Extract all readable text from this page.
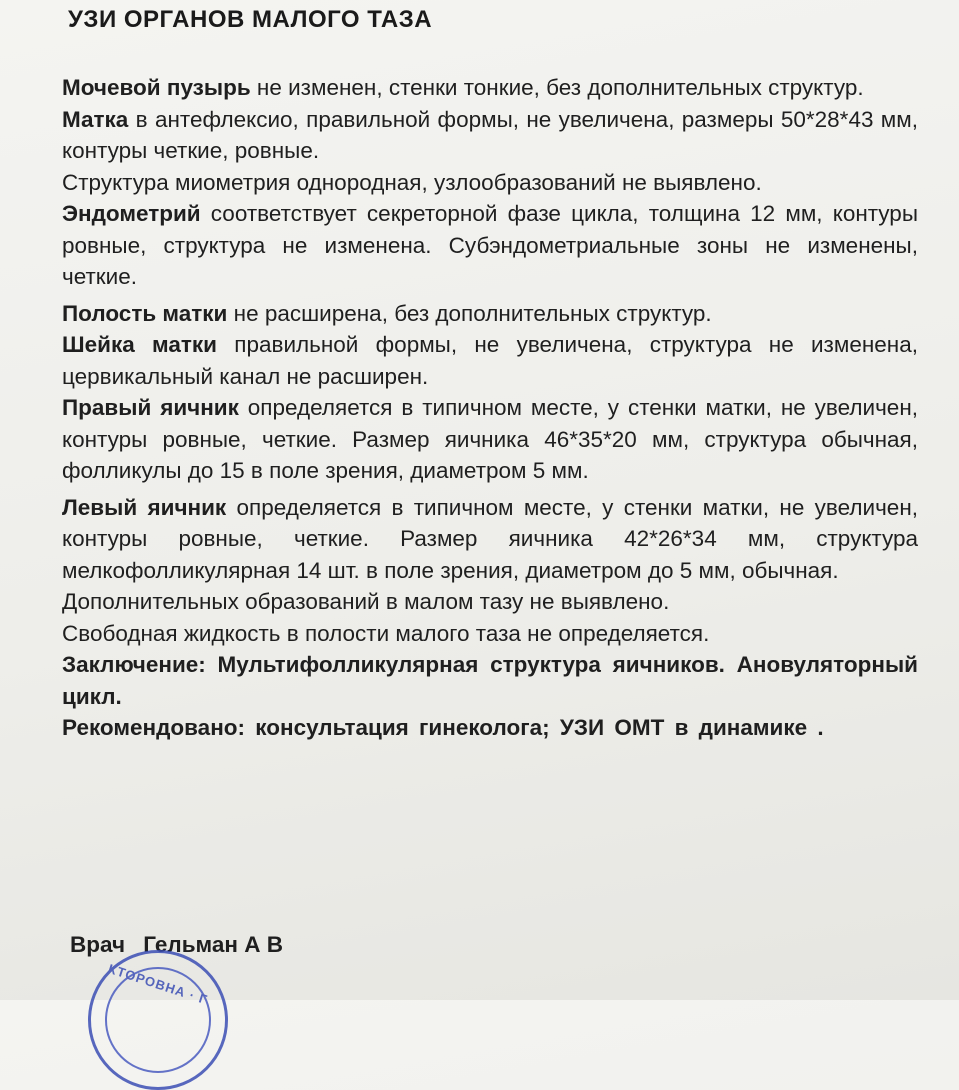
УЗИ ОРГАНОВ МАЛОГО ТАЗА

Мочевой пузырь не изменен, стенки тонкие, без дополнительных структур.

Матка в антефлексио, правильной формы, не увеличена, размеры 50*28*43 мм, контуры четкие, ровные.

Структура миометрия однородная, узлообразований не выявлено.

Эндометрий соответствует секреторной фазе цикла, толщина 12 мм, контуры ровные, структура не изменена. Субэндометриальные зоны не изменены, четкие.

Полость матки не расширена, без дополнительных структур.

Шейка матки правильной формы, не увеличена, структура не изменена, цервикальный канал не расширен.

Правый яичник определяется в типичном месте, у стенки матки, не увеличен, контуры ровные, четкие. Размер яичника 46*35*20 мм, структура обычная, фолликулы до 15 в поле зрения, диаметром 5 мм.

Левый яичник определяется в типичном месте, у стенки матки, не увеличен, контуры ровные, четкие. Размер яичника 42*26*34 мм, структура мелкофолликулярная 14 шт. в поле зрения, диаметром до 5 мм, обычная.

Дополнительных образований в малом тазу не выявлено.

Свободная жидкость в полости малого таза не определяется.

Заключение: Мультифолликулярная структура яичников. Ановуляторный цикл.

Рекомендовано: консультация гинеколога; УЗИ ОМТ в динамике .

Врач Гельман А В
КТОРОВНА · Г
